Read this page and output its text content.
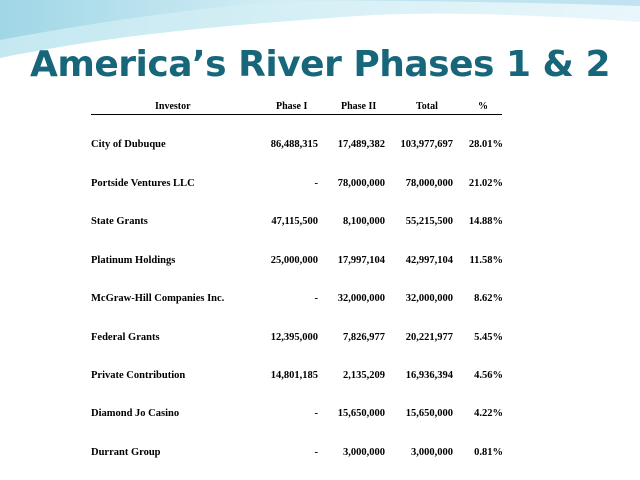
America’s River Phases 1 & 2
Investor	Phase I	Phase II	Total	%
City of Dubuque	86,488,315 17,489,382 103,977,697 28.01%
Portside Ventures LLC	- 78,000,000 78,000,000 21.02%
State Grants	47,115,500 8,100,000 55,215,500 14.88%
Platinum Holdings	25,000,000 17,997,104 42,997,104 11.58%
McGraw-Hill Companies Inc.	- 32,000,000 32,000,000 8.62%
Federal Grants	12,395,000 7,826,977 20,221,977 5.45%
Private Contribution	14,801,185 2,135,209 16,936,394 4.56%
Diamond Jo Casino	- 15,650,000 15,650,000 4.22%
Durrant Group	- 3,000,000 3,000,000 0.81%
